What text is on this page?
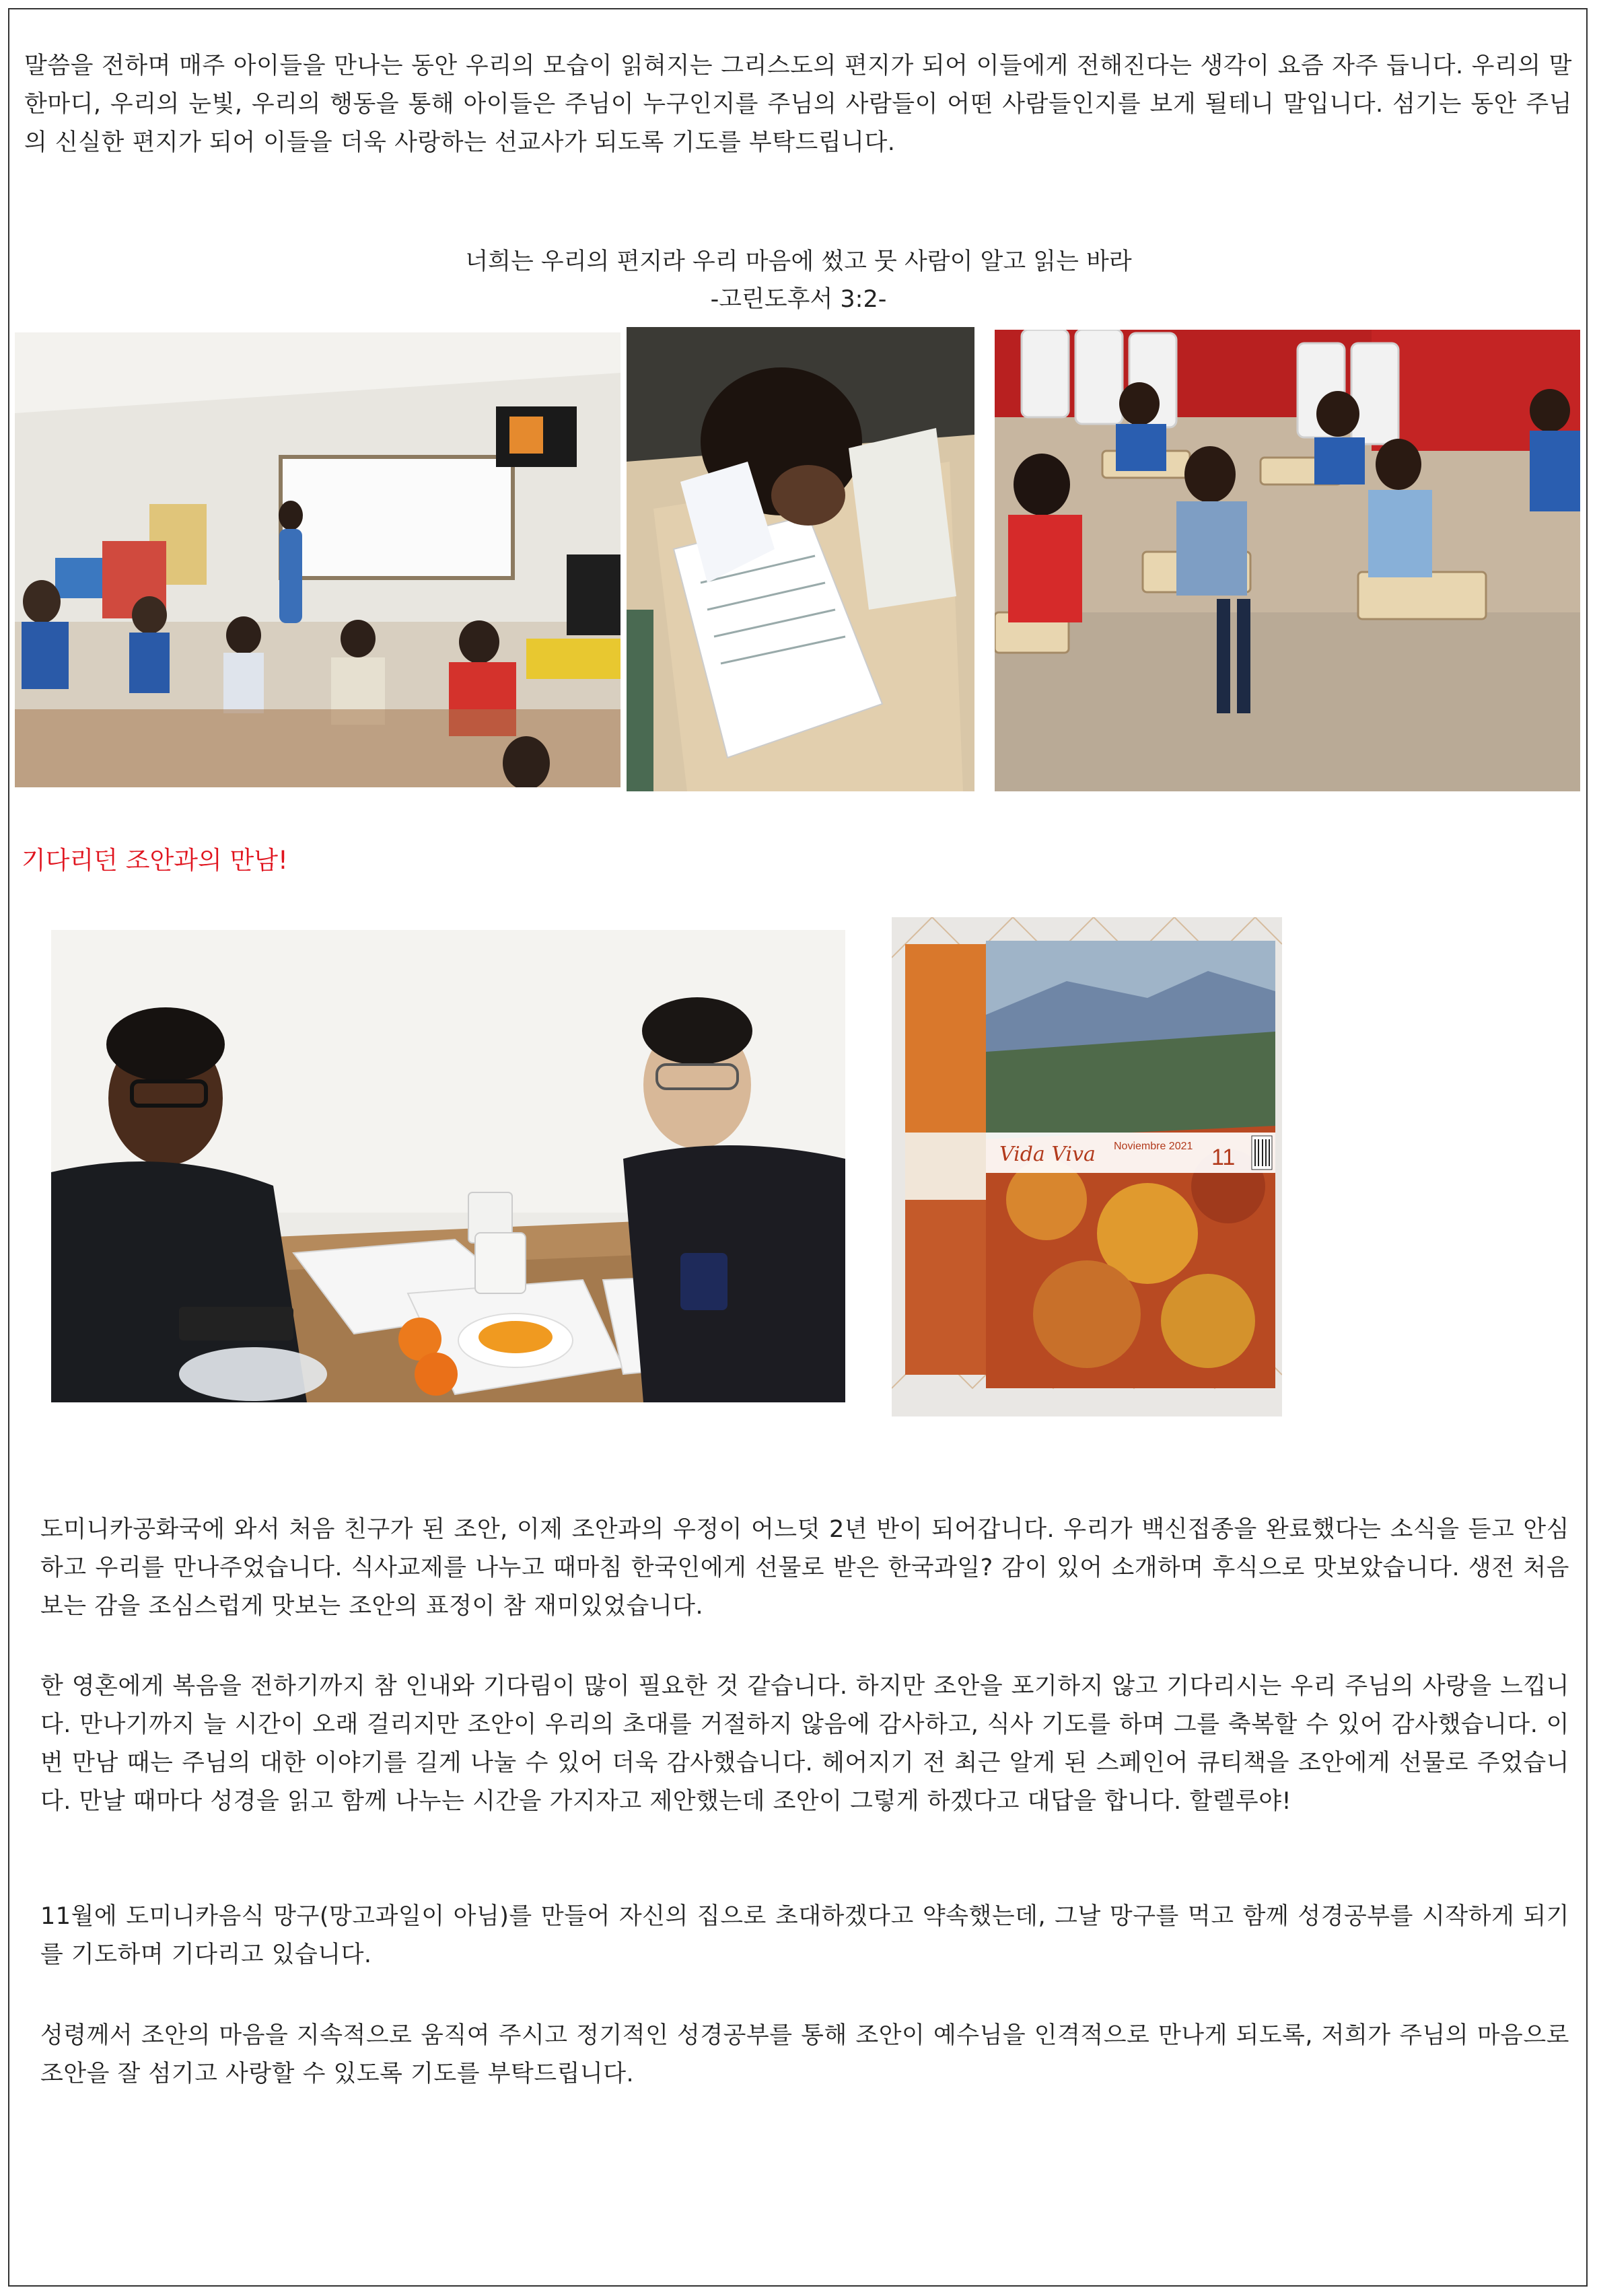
말씀을 전하며 매주 아이들을 만나는 동안 우리의 모습이 읽혀지는 그리스도의 편지가 되어 이들에게 전해진다는 생각이 요즘 자주 듭니다. 우리의 말 한마디, 우리의 눈빛, 우리의 행동을 통해 아이들은 주님이 누구인지를 주님의 사람들이 어떤 사람들인지를 보게 될테니 말입니다. 섬기는 동안 주님의 신실한 편지가 되어 이들을 더욱 사랑하는 선교사가 되도록 기도를 부탁드립니다.
너희는 우리의 편지라 우리 마음에 썼고 뭇 사람이 알고 읽는 바라
-고린도후서 3:2-
기다리던 조안과의 만남!
Vida Viva Noviembre 2021 11
도미니카공화국에 와서 처음 친구가 된 조안, 이제 조안과의 우정이 어느덧 2년 반이 되어갑니다. 우리가 백신접종을 완료했다는 소식을 듣고 안심하고 우리를 만나주었습니다. 식사교제를 나누고 때마침 한국인에게 선물로 받은 한국과일? 감이 있어 소개하며 후식으로 맛보았습니다. 생전 처음보는 감을 조심스럽게 맛보는 조안의 표정이 참 재미있었습니다.
한 영혼에게 복음을 전하기까지 참 인내와 기다림이 많이 필요한 것 같습니다. 하지만 조안을 포기하지 않고 기다리시는 우리 주님의 사랑을 느낍니다. 만나기까지 늘 시간이 오래 걸리지만 조안이 우리의 초대를 거절하지 않음에 감사하고, 식사 기도를 하며 그를 축복할 수 있어 감사했습니다. 이번 만남 때는 주님의 대한 이야기를 길게 나눌 수 있어 더욱 감사했습니다. 헤어지기 전 최근 알게 된 스페인어 큐티책을 조안에게 선물로 주었습니다. 만날 때마다 성경을 읽고 함께 나누는 시간을 가지자고 제안했는데 조안이 그렇게 하겠다고 대답을 합니다. 할렐루야!
11월에 도미니카음식 망구(망고과일이 아님)를 만들어 자신의 집으로 초대하겠다고 약속했는데, 그날 망구를 먹고 함께 성경공부를 시작하게 되기를 기도하며 기다리고 있습니다.
성령께서 조안의 마음을 지속적으로 움직여 주시고 정기적인 성경공부를 통해 조안이 예수님을 인격적으로 만나게 되도록, 저희가 주님의 마음으로 조안을 잘 섬기고 사랑할 수 있도록 기도를 부탁드립니다.
